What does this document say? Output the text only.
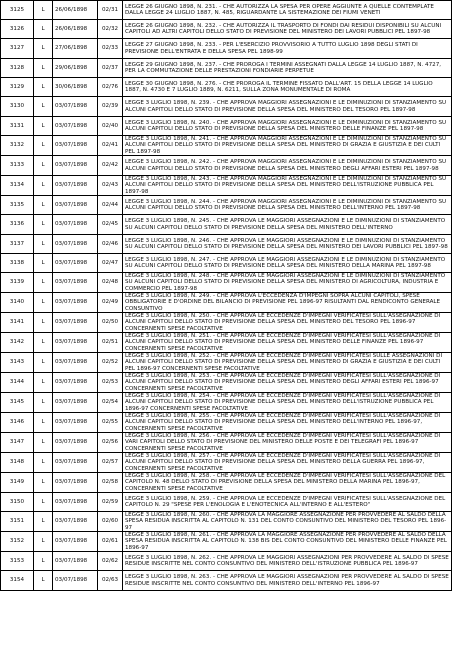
3125	L	26/06/1898	02/31	LEGGE 26 GIUGNO 1898, N. 231. - CHE AUTORIZZA LA SPESA PER OPERE AGGIUNTE A QUELLE CONTEMPLATE DALLA LEGGE 24 LUGLIO 1887, N. 485, RIGUARDANTE LA SISTEMAZIONE DEI FIUMI VENETI

3126	L	26/06/1898	02/32	LEGGE 26 GIUGNO 1898, N. 232. - CHE AUTORIZZA IL TRASPORTO DI FONDI DAI RESIDUI DISPONIBILI SU ALCUNI CAPITOLI AD ALTRI CAPITOLI DELLO STATO DI PREVISIONE DEL MINISTERO DEI LAVORI PUBBLICI PEL 1897-98

3127	L	27/06/1898	02/33	LEGGE 27 GIUGNO 1898, N. 233. - PER L'ESERCIZIO PROVVISORIO A TUTTO LUGLIO 1898 DEGLI STATI DI PREVISIONE DELL'ENTRATA E DELLA SPESA PEL 1898-99

3128	L	29/06/1898	02/37	LEGGE 29 GIUGNO 1898, N. 237. - CHE PROROGA I TERMINI ASSEGNATI DALLA LEGGE 14 LUGLIO 1887, N. 4727, PER LA COMMUTAZIONE DELLE PRESTAZIONI FONDIARIE PERPETUE

3129	L	30/06/1898	02/76	LEGGE 30 GIUGNO 1898, N. 276. - CHE PROROGA IL TERMINE FISSATO DALL'ART. 15 DELLA LEGGE 14 LUGLIO 1887, N. 4730 E 7 LUGLIO 1889, N. 6211, SULLA ZONA MONUMENTALE DI ROMA

3130	L	03/07/1898	02/39	LEGGE 3 LUGLIO 1898, N. 239. - CHE APPROVA MAGGIORI ASSEGNAZIONI E LE DIMINUZIONI DI STANZIAMENTO SU ALCUNI CAPITOLI DELLO STATO DI PREVISIONE DELLA SPESA DEL MINISTERO DEL TESORO PEL 1897-98

3131	L	03/07/1898	02/40	LEGGE 3 LUGLIO 1898, N. 240. - CHE APPROVA MAGGIORI ASSEGNAZIONI E LE DIMINUZIONI DI STANZIAMENTO SU ALCUNI CAPITOLI DELLO STATO DI PREVISIONE DELLA SPESA DEL MINISTERO DELLE FINANZE PEL 1897-98

3132	L	03/07/1898	02/41	LEGGE 3 LUGLIO 1898, N. 241. - CHE APPROVA MAGGIORI ASSEGNAZIONI E LE DIMINUZIONI DI STANZIAMENTO SU ALCUNI CAPITOLI DELLO STATO DI PREVISIONE DELLA SPESA DEL MINISTERO DI GRAZIA E GIUSTIZIA E DEI CULTI PEL 1897-98

3133	L	03/07/1898	02/42	LEGGE 3 LUGLIO 1898, N. 242. - CHE APPROVA MAGGIORI ASSEGNAZIONI E LE DIMINUZIONI DI STANZIAMENTO SU ALCUNI CAPITOLI DELLO STATO DI PREVISIONE DELLA SPESA DEL MINISTERO DEGLI AFFARI ESTERI PEL 1897-98

3134	L	03/07/1898	02/43	LEGGE 3 LUGLIO 1898, N. 243. - CHE APPROVA MAGGIORI ASSEGNAZIONI E LE DIMINUZIONI DI STANZIAMENTO SU ALCUNI CAPITOLI DELLO STATO DI PREVISIONE DELLA SPESA DEL MINISTERO DELL'ISTRUZIONE PUBBLICA PEL 1897-98

3135	L	03/07/1898	02/44	LEGGE 3 LUGLIO 1898, N. 244. - CHE APPROVA MAGGIORI ASSEGNAZIONI E LE DIMINUZIONI DI STANZIAMENTO SU ALCUNI CAPITOLI DELLO STATO DI PREVISIONE DELLA SPESA DEL MINISTERO DELL'INTERNO PEL 1897-98

3136	L	03/07/1898	02/45	LEGGE 3 LUGLIO 1898, N. 245. - CHE APPROVA LE MAGGIORI ASSEGNAZIONI E LE DIMINUZIONI DI STANZIAMENTO SU ALCUNI CAPITOLI DELLO STATO DI PREVISIONE DELLA SPESA DEL MINISTERO DELL'INTERNO

3137	L	03/07/1898	02/46	LEGGE 3 LUGLIO 1898, N. 246. - CHE APPROVA LE MAGGIORI ASSEGNAZIONI E LE DIMINUZIONI DI STANZIAMENTO SU ALCUNI CAPITOLI DELLO STATO DI PREVISIONE DELLA SPESA DEL MINISTERO DEI LAVORI PUBBLICI PEL 1897-98

3138	L	03/07/1898	02/47	LEGGE 3 LUGLIO 1898, N. 247. - CHE APPROVA LE MAGGIORI ASSEGNAZIONI E LE DIMINUZIONI DI STANZIAMENTO SU ALCUNI CAPITOLI DELLO STATO DI PREVISIONE DELLA SPESA DEL MINISTERO DELLA MARINA PEL 1897-98

3139	L	03/07/1898	02/48	LEGGE 3 LUGLIO 1898, N. 248. - CHE APPROVA LE MAGGIORI ASSEGNAZIONI E LE DIMINUZIONI DI STANZIAMENTO SU ALCUNI CAPITOLI DELLO STATO DI PREVISIONE DELLA SPESA DEL MINISTERO DI AGRICOLTURA, INDUSTRIA E COMMERCIO PEL 1897-98

3140	L	03/07/1898	02/49	LEGGE 3 LUGLIO 1898, N. 249. - CHE APPROVA L'ECCEDENZA D'IMPEGNI SOPRA ALCUNI CAPITOLI, SPESE OBBLIGATORIE E D'ORDINE DEL BILANCIO DI PREVISIONE PEL 1896-97 RISULTANTI DAL RENDICONTO GENERALE CONSUNTIVO

3141	L	03/07/1898	02/50	LEGGE 3 LUGLIO 1898, N. 250. - CHE APPROVA LE ECCEDENZE D'IMPEGNI VERIFICATESI SULL'ASSEGNAZIONE DI ALCUNI CAPITOLI DELLO STATO DI PREVISIONE DELLA SPESA DEL MINISTERO DEL TESORO PEL 1896-97 CONCERNENTI SPESE FACOLTATIVE

3142	L	03/07/1898	02/51	LEGGE 3 LUGLIO 1898, N. 251. - CHE APPROVA LE ECCEDENZE D'IMPEGNI VERIFICATESI SULL'ASSEGNAZIONE DI ALCUNI CAPITOLI DELLO STATO DI PREVISIONE DELLA SPESA DEL MINISTERO DELLE FINANZE PEL 1896-97 CONCERNENTI SPESE FACOLTATIVE

3143	L	03/07/1898	02/52	LEGGE 3 LUGLIO 1898, N. 252. - CHE APPROVA LE ECCEDENZE D'IMPEGNI VERIFICATESI SULLE ASSEGNAZIONI DI ALCUNI CAPITOLI DELLO STATO DI PREVISIONE DELLA SPESA DEL MINISTERO DI GRAZIA E GIUSTIZIA E DEI CULTI PEL 1896-97 CONCERNENTI SPESE FACOLTATIVE

3144	L	03/07/1898	02/53	LEGGE 3 LUGLIO 1898, N. 253. - CHE APPROVA LE ECCEDENZE D'IMPEGNI VERIFICATESI SULL'ASSEGNAZIONE DI ALCUNI CAPITOLI DELLO STATO DI PREVISIONE DELLA SPESA DEL MINISTERO DEGLI AFFARI ESTERI PEL 1896-97 CONCERNENTI SPESE FACOLTATIVE

3145	L	03/07/1898	02/54	LEGGE 3 LUGLIO 1898, N. 254. - CHE APPROVA LE ECCEDENZE D'IMPEGNI VERIFICATESI SULL'ASSEGNAZIONE DI ALCUNI CAPITOLI DELLO STATO DI PREVISIONE DELLA SPESA DEL MINISTERO DELL'ISTRUZIONE PUBBLICA PEL 1896-97 CONCERNENTI SPESE FACOLTATIVE

3146	L	03/07/1898	02/55	LEGGE 3 LUGLIO 1898, N. 255. - CHE APPROVA LE ECCEDENZE D'IMPEGNI VERIFICATESI SULL'ASSEGNAZIONE DI ALCUNI CAPITOLI DELLO STATO DI PREVISIONE DELLA SPESA DEL MINISTERO DELL'INTERNO PEL 1896-97, CONCERNENTI SPESE FACOLTATIVE

3147	L	03/07/1898	02/56	LEGGE 3 LUGLIO 1898, N. 256. - CHE APPROVA LE ECCEDENZE D'IMPEGNI VERIFICATESI SULL'ASSEGNAZIONE DI VARI CAPITOLI DELLO STATO DI PREVISIONE DEL MINISTERO DELLE POSTE E DEI TELEGRAFI PEL 1896-97 CONCERNENTI SPESE FACOLTATIVE

3148	L	03/07/1898	02/57	LEGGE 3 LUGLIO 1898, N. 257. - CHE APPROVA LE ECCEDENZE D'IMPEGNI VERIFICATESI SULL'ASSEGNAZIONE DI ALCUNI CAPITOLI DELLO STATO DI PREVISIONE DELLA SPESA DEL MINISTERO DELLA GUERRA PEL 1896-97, CONCERNENTI SPESE FACOLTATIVE

3149	L	03/07/1898	02/58	LEGGE 3 LUGLIO 1898, N. 258. - CHE APPROVA LE ECCEDENZE D'IMPEGNI VERIFICATESI SULL'ASSEGNAZIONE DEL CAPITOLO N. 48 DELLO STATO DI PREVISIONE DELLA SPESA DEL MINISTERO DELLA MARINA PEL 1896-97, CONCERNENTI SPESE FACOLTATIVE

3150	L	03/07/1898	02/59	LEGGE 3 LUGLIO 1898, N. 259. - CHE APPROVA LE ECCEDENZE D'IMPEGNI VERIFICATESI SULL'ASSEGNAZIONE DEL CAPITOLO N. 29 "SPESE PER L'ENOLOGIA E L'ENOTECNICA ALL'INTERNO E ALL'ESTERO"

3151	L	03/07/1898	02/60	LEGGE 3 LUGLIO 1898, N. 260. - CHE APPROVA LA MAGGIORE ASSEGNAZIONE PER PROVVEDERE AL SALDO DELLA SPESA RESIDUA INSCRITTA AL CAPITOLO N. 131 DEL CONTO CONSUNTIVO DEL MINISTERO DEL TESORO PEL 1896-97

3152	L	03/07/1898	02/61	LEGGE 3 LUGLIO 1898, N. 261. - CHE APPROVA LA MAGGIORE ASSEGNAZIONE PER PROVVEDERE AL SALDO DELLA SPESA RESIDUA INSCRITTA AL CAPITOLO N. 138 BIS DEL CONTO CONSUNTIVO DEL MINISTERO DELLE FINANZE PEL 1896-97

3153	L	03/07/1898	02/62	LEGGE 3 LUGLIO 1898, N. 262. - CHE APPROVA LE MAGGIORI ASSEGNAZIONI PER PROVVEDERE AL SALDO DI SPESE RESIDUE INSCRITTE NEL CONTO CONSUNTIVO DEL MINISTERO DELL'ISTRUZIONE PUBBLICA PEL 1896-97

3154	L	03/07/1898	02/63	LEGGE 3 LUGLIO 1898, N. 263. - CHE APPROVA LE MAGGIORI ASSEGNAZIONI PER PROVVEDERE AL SALDO DI SPESE RESIDUE INSCRITTE NEL CONTO CONSUNTIVO DEL MINISTERO DELL'INTERNO PEL 1896-97
